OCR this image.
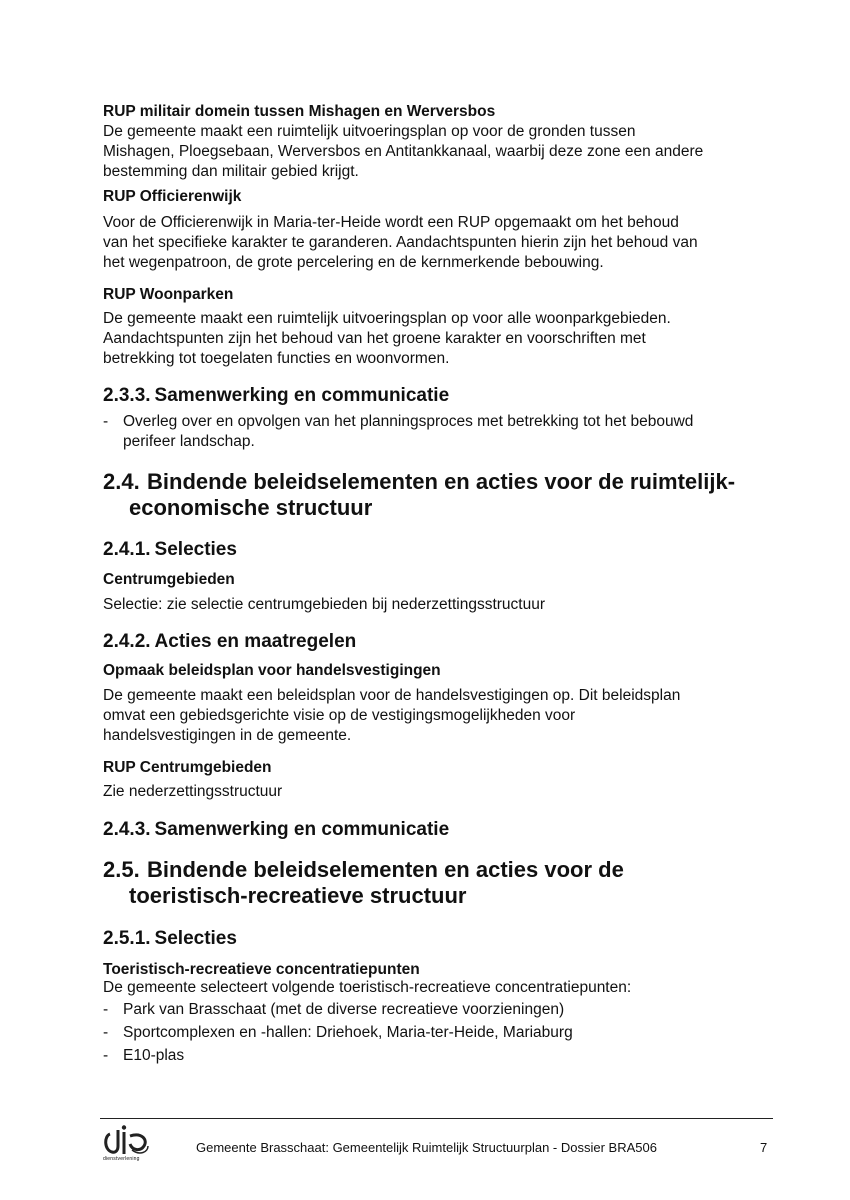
RUP militair domein tussen Mishagen en Werversbos
De gemeente maakt een ruimtelijk uitvoeringsplan op voor de gronden tussen
Mishagen, Ploegsebaan, Werversbos en Antitankkanaal, waarbij deze zone een andere
bestemming dan militair gebied krijgt.
RUP Officierenwijk
Voor de Officierenwijk in Maria-ter-Heide wordt een RUP opgemaakt om het behoud
van het specifieke karakter te garanderen. Aandachtspunten hierin zijn het behoud van
het wegenpatroon, de grote percelering en de kernmerkende bebouwing.
RUP Woonparken
De gemeente maakt een ruimtelijk uitvoeringsplan op voor alle woonparkgebieden.
Aandachtspunten zijn het behoud van het groene karakter en voorschriften met
betrekking tot toegelaten functies en woonvormen.
2.3.3. Samenwerking en communicatie
- Overleg over en opvolgen van het planningsproces met betrekking tot het bebouwd
perifeer landschap.
2.4. Bindende beleidselementen en acties voor de ruimtelijk-
economische structuur
2.4.1. Selecties
Centrumgebieden
Selectie: zie selectie centrumgebieden bij nederzettingsstructuur
2.4.2. Acties en maatregelen
Opmaak beleidsplan voor handelsvestigingen
De gemeente maakt een beleidsplan voor de handelsvestigingen op. Dit beleidsplan
omvat een gebiedsgerichte visie op de vestigingsmogelijkheden voor
handelsvestigingen in de gemeente.
RUP Centrumgebieden
Zie nederzettingsstructuur
2.4.3. Samenwerking en communicatie
2.5. Bindende beleidselementen en acties voor de
toeristisch-recreatieve structuur
2.5.1. Selecties
Toeristisch-recreatieve concentratiepunten
De gemeente selecteert volgende toeristisch-recreatieve concentratiepunten:
- Park van Brasschaat (met de diverse recreatieve voorzieningen)
- Sportcomplexen en -hallen: Driehoek, Maria-ter-Heide, Mariaburg
- E10-plas
dienstverlening
Gemeente Brasschaat: Gemeentelijk Ruimtelijk Structuurplan - Dossier BRA506	7
